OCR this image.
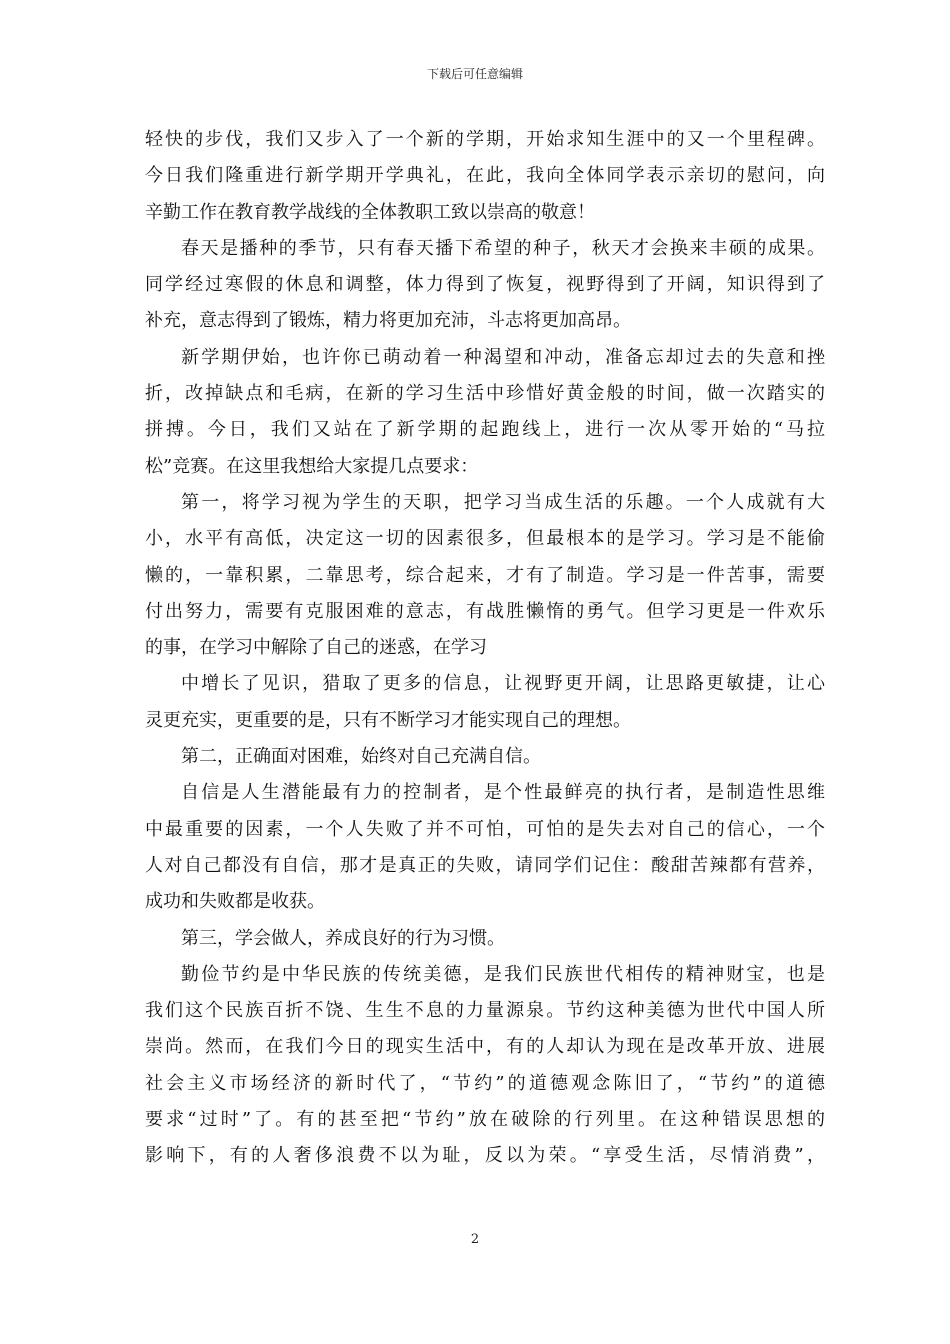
下载后可任意编辑
轻快的步伐，我们又步入了一个新的学期，开始求知生涯中的又一个里程碑。
今日我们隆重进行新学期开学典礼，在此，我向全体同学表示亲切的慰问，向
辛勤工作在教育教学战线的全体教职工致以崇高的敬意！
春天是播种的季节，只有春天播下希望的种子，秋天才会换来丰硕的成果。
同学经过寒假的休息和调整，体力得到了恢复，视野得到了开阔，知识得到了
补充，意志得到了锻炼，精力将更加充沛，斗志将更加高昂。
新学期伊始，也许你已萌动着一种渴望和冲动，准备忘却过去的失意和挫
折，改掉缺点和毛病，在新的学习生活中珍惜好黄金般的时间，做一次踏实的
拼搏。今日，我们又站在了新学期的起跑线上，进行一次从零开始的“马拉
松”竞赛。在这里我想给大家提几点要求：
第一，将学习视为学生的天职，把学习当成生活的乐趣。一个人成就有大
小，水平有高低，决定这一切的因素很多，但最根本的是学习。学习是不能偷
懒的，一靠积累，二靠思考，综合起来，才有了制造。学习是一件苦事，需要
付出努力，需要有克服困难的意志，有战胜懒惰的勇气。但学习更是一件欢乐
的事，在学习中解除了自己的迷惑，在学习
中增长了见识，猎取了更多的信息，让视野更开阔，让思路更敏捷，让心
灵更充实，更重要的是，只有不断学习才能实现自己的理想。
第二，正确面对困难，始终对自己充满自信。
自信是人生潜能最有力的控制者，是个性最鲜亮的执行者，是制造性思维
中最重要的因素，一个人失败了并不可怕，可怕的是失去对自己的信心，一个
人对自己都没有自信，那才是真正的失败，请同学们记住：酸甜苦辣都有营养，
成功和失败都是收获。
第三，学会做人，养成良好的行为习惯。
勤俭节约是中华民族的传统美德，是我们民族世代相传的精神财宝，也是
我们这个民族百折不饶、生生不息的力量源泉。节约这种美德为世代中国人所
崇尚。然而，在我们今日的现实生活中，有的人却认为现在是改革开放、进展
社会主义市场经济的新时代了，“节约”的道德观念陈旧了，“节约”的道德
要求“过时”了。有的甚至把“节约”放在破除的行列里。在这种错误思想的
影响下，有的人奢侈浪费不以为耻，反以为荣。“享受生活，尽情消费”，
2
